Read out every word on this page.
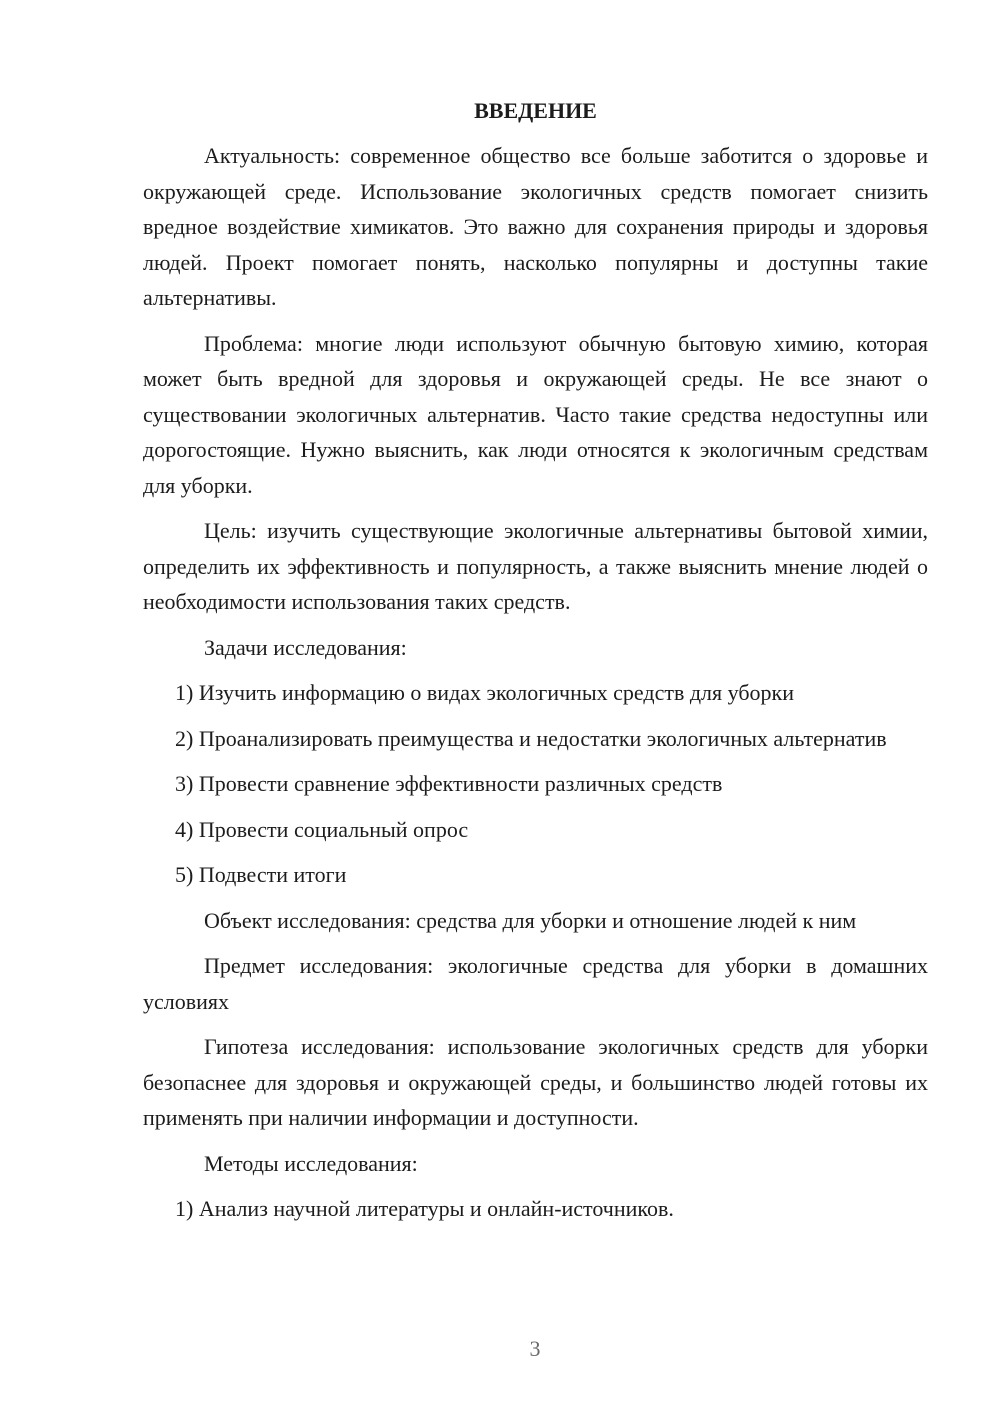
ВВЕДЕНИЕ

Актуальность: современное общество все больше заботится о здоровье и окружающей среде. Использование экологичных средств помогает снизить вредное воздействие химикатов. Это важно для сохранения природы и здоровья людей. Проект помогает понять, насколько популярны и доступны такие альтернативы.

Проблема: многие люди используют обычную бытовую химию, которая может быть вредной для здоровья и окружающей среды. Не все знают о существовании экологичных альтернатив. Часто такие средства недоступны или дорогостоящие. Нужно выяснить, как люди относятся к экологичным средствам для уборки.

Цель: изучить существующие экологичные альтернативы бытовой химии, определить их эффективность и популярность, а также выяснить мнение людей о необходимости использования таких средств.

Задачи исследования:

1) Изучить информацию о видах экологичных средств для уборки

2) Проанализировать преимущества и недостатки экологичных альтернатив

3) Провести сравнение эффективности различных средств

4) Провести социальный опрос

5) Подвести итоги

Объект исследования: средства для уборки и отношение людей к ним

Предмет исследования: экологичные средства для уборки в домашних условиях

Гипотеза исследования: использование экологичных средств для уборки безопаснее для здоровья и окружающей среды, и большинство людей готовы их применять при наличии информации и доступности.

Методы исследования:

1) Анализ научной литературы и онлайн-источников.

3
